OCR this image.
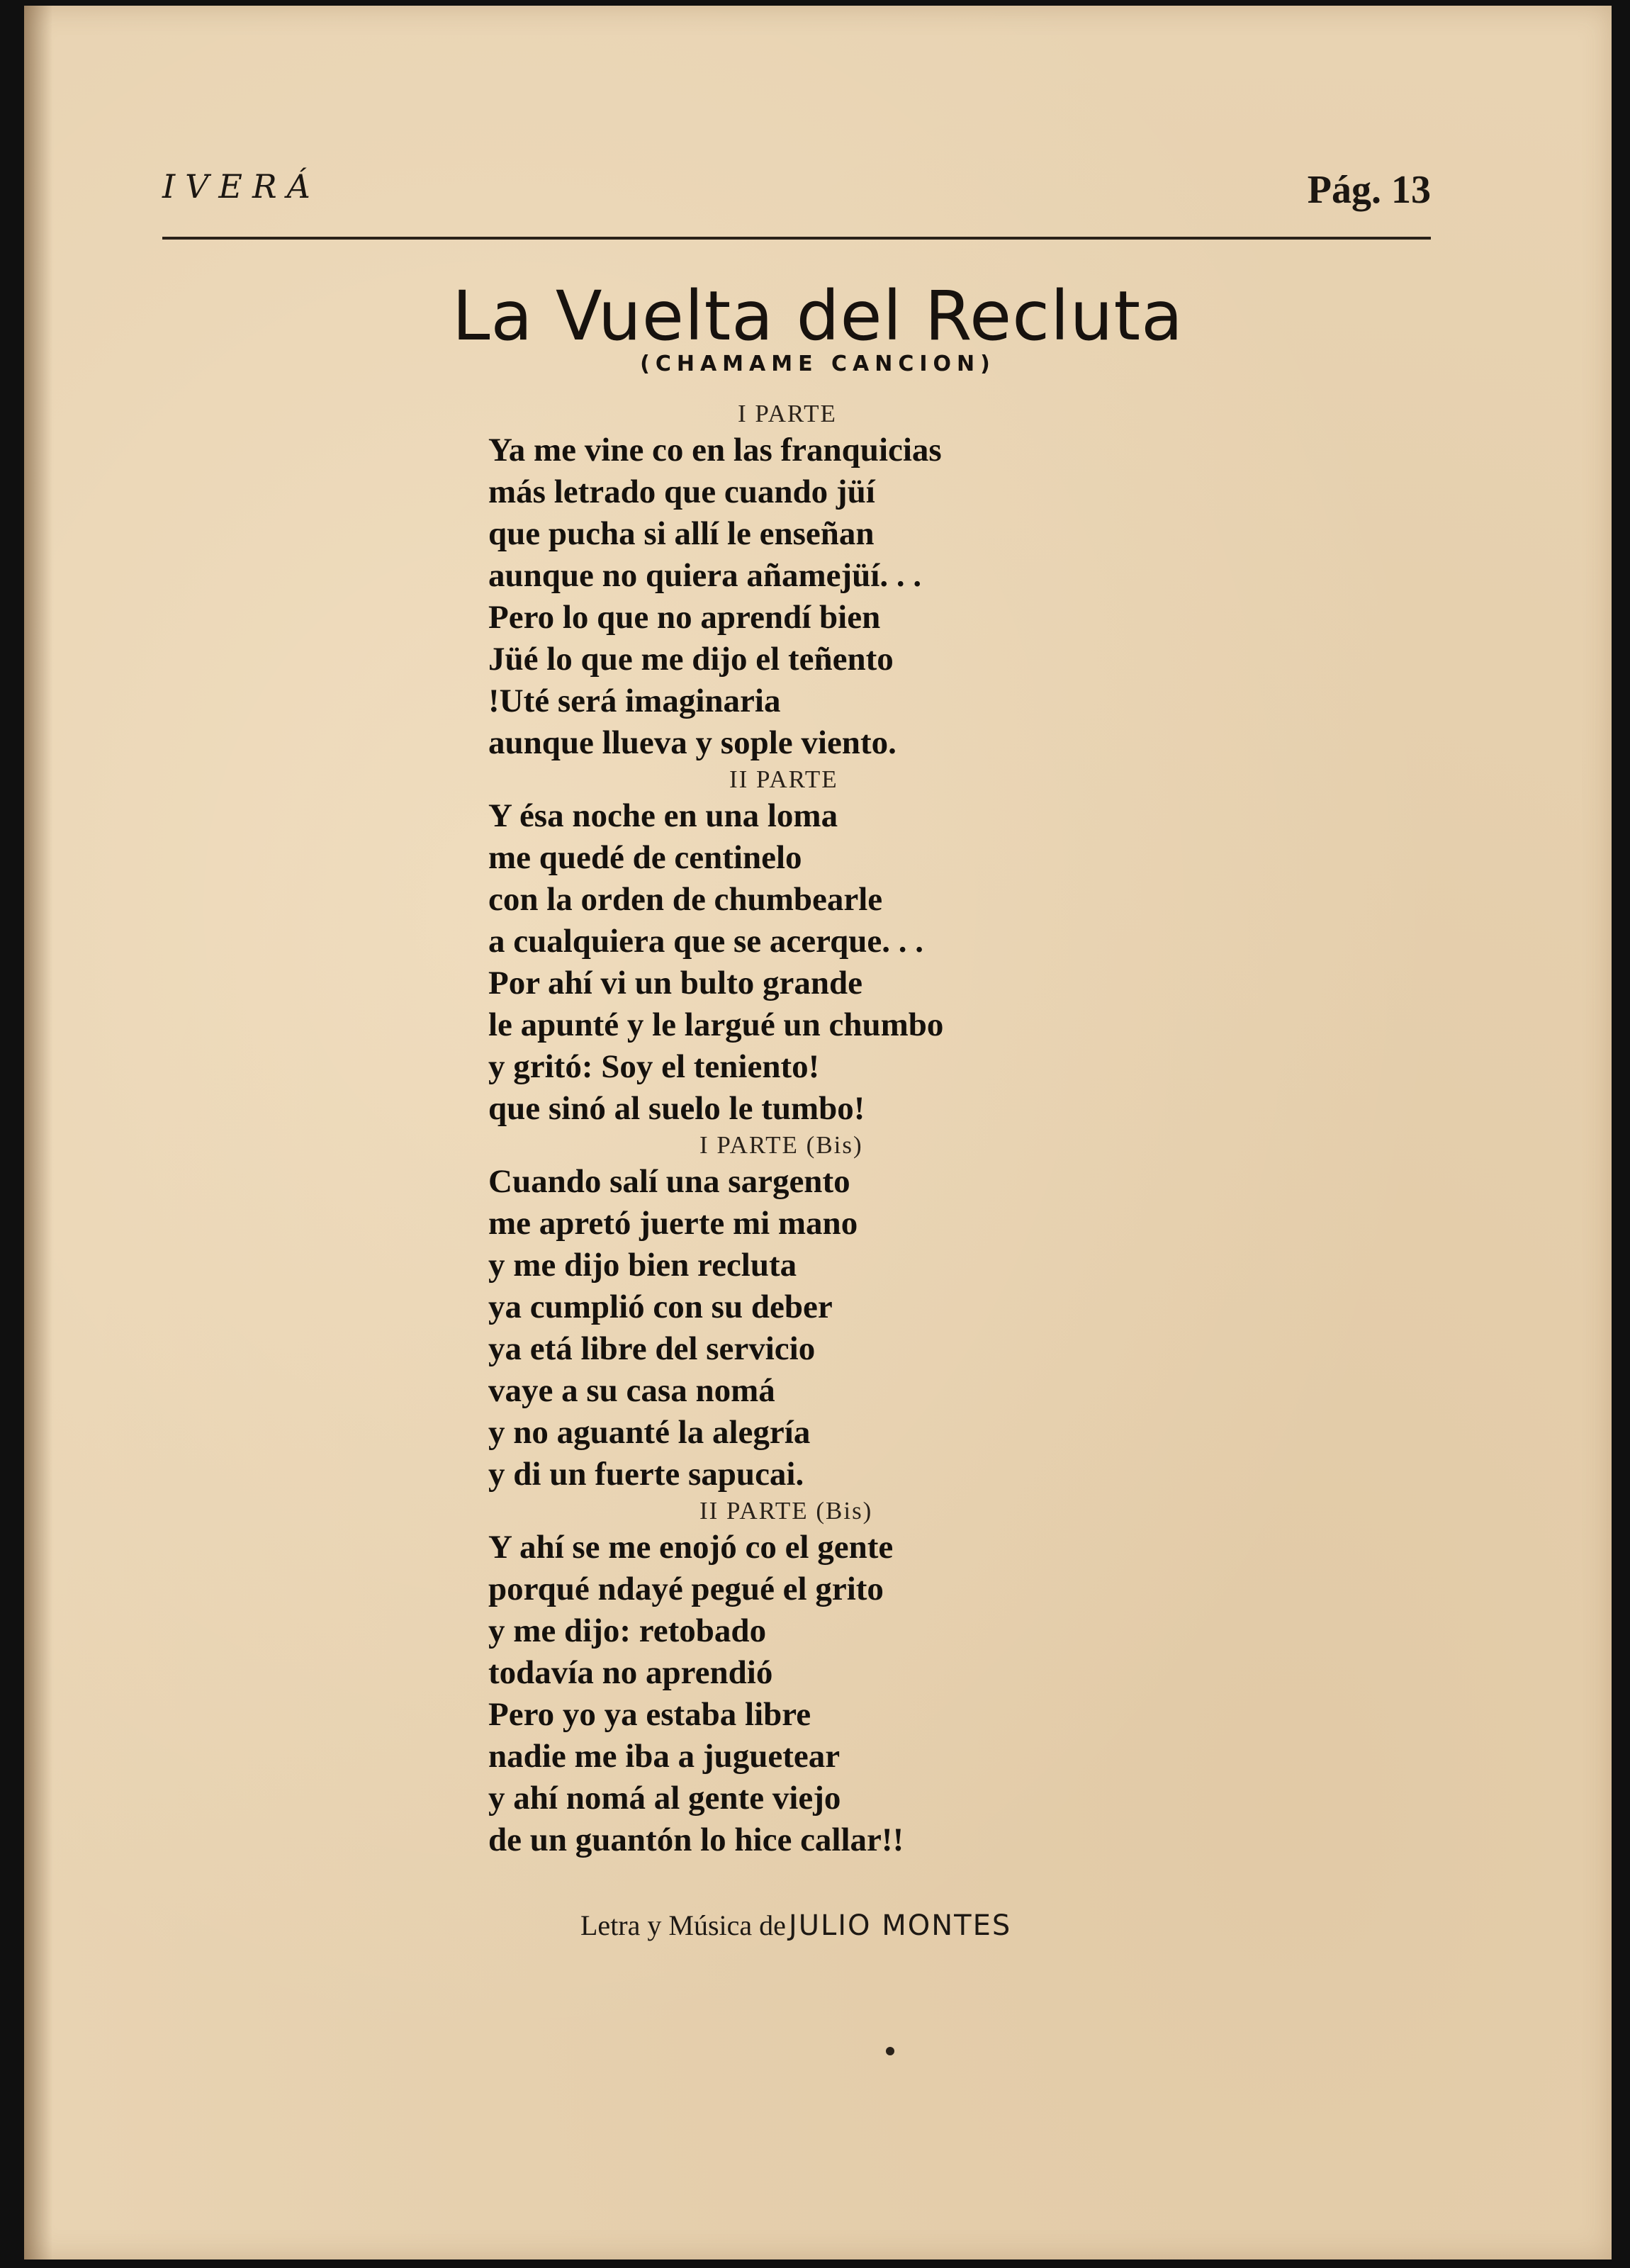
IVERÁ	Pág. 13
La Vuelta del Recluta
(CHAMAME CANCION)
I PARTE
Ya me vine co en las franquicias
más letrado que cuando jüí
que pucha si allí le enseñan
aunque no quiera añamejüí. . .
Pero lo que no aprendí bien
Jüé lo que me dijo el teñento
!Uté será imaginaria
aunque llueva y sople viento.
II PARTE
Y ésa noche en una loma
me quedé de centinelo
con la orden de chumbearle
a cualquiera que se acerque. . .
Por ahí vi un bulto grande
le apunté y le largué un chumbo
y gritó: Soy el teniento!
que sinó al suelo le tumbo!
I PARTE (Bis)
Cuando salí una sargento
me apretó juerte mi mano
y me dijo bien recluta
ya cumplió con su deber
ya etá libre del servicio
vaye a su casa nomá
y no aguanté la alegría
y di un fuerte sapucai.
II PARTE (Bis)
Y ahí se me enojó co el gente
porqué ndayé pegué el grito
y me dijo: retobado
todavía no aprendió
Pero yo ya estaba libre
nadie me iba a juguetear
y ahí nomá al gente viejo
de un guantón lo hice callar!!
Letra y Música de JULIO MONTES
